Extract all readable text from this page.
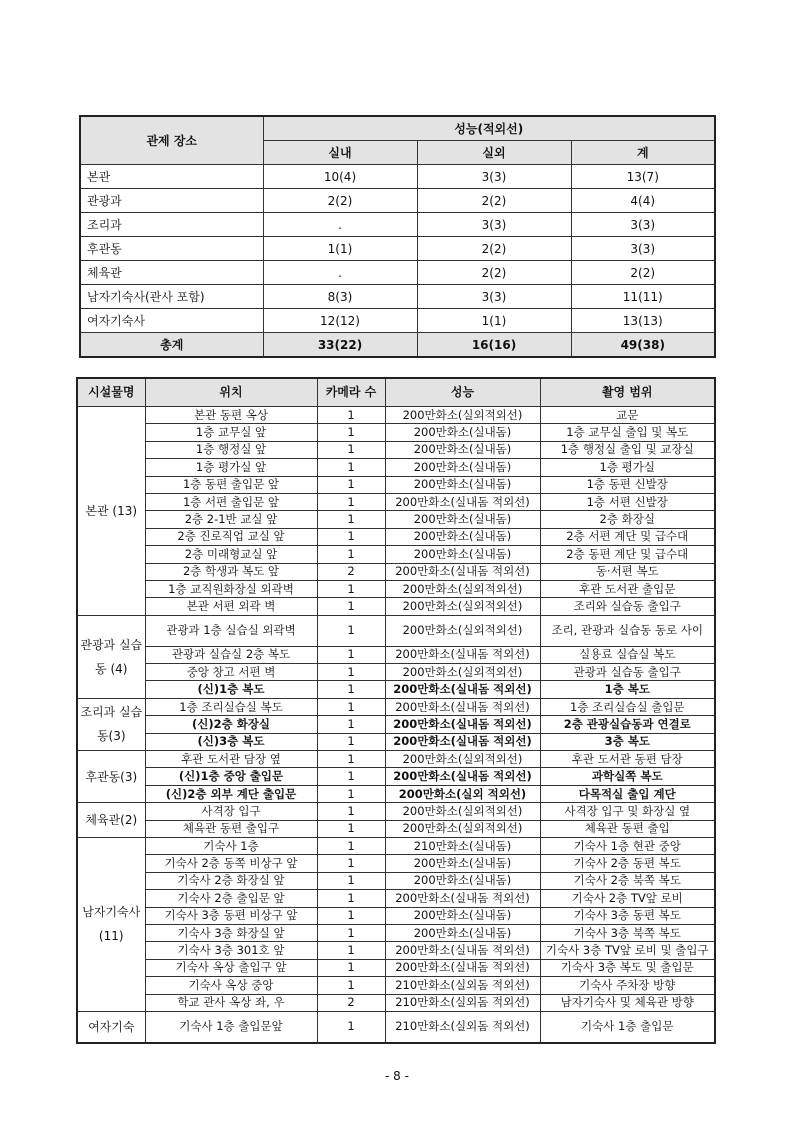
관제 장소	성능(적외선)		
	실내	실외	계
본관	10(4)	3(3)	13(7)
관광과	2(2)	2(2)	4(4)
조리과	.	3(3)	3(3)
후관동	1(1)	2(2)	3(3)
체육관	.	2(2)	2(2)
남자기숙사(관사 포함)	8(3)	3(3)	11(11)
여자기숙사	12(12)	1(1)	13(13)
총계	33(22)	16(16)	49(38)
시설물명	위치	카메라 수	성능	촬영 범위
본관 (13)	본관 동편 옥상	1	200만화소(실외적외선)	교문
	1층 교무실 앞	1	200만화소(실내돔)	1층 교무실 출입 및 복도
	1층 행정실 앞	1	200만화소(실내돔)	1층 행정실 출입 및 교장실
	1층 평가실 앞	1	200만화소(실내돔)	1층 평가실
	1층 동편 출입문 앞	1	200만화소(실내돔)	1층 동편 신발장
	1층 서편 출입문 앞	1	200만화소(실내돔 적외선)	1층 서편 신발장
	2층 2-1반 교실 앞	1	200만화소(실내돔)	2층 화장실
	2층 진로직업 교실 앞	1	200만화소(실내돔)	2층 서편 계단 및 급수대
	2층 미래형교실 앞	1	200만화소(실내돔)	2층 동편 계단 및 급수대
	2층 학생과 복도 앞	2	200만화소(실내돔 적외선)	동·서편 복도
	1층 교직원화장실 외곽벽	1	200만화소(실외적외선)	후관 도서관 출입문
	본관 서편 외곽 벽	1	200만화소(실외적외선)	조리와 실습동 출입구
관광과 실습동 (4)	관광과 1층 실습실 외곽벽	1	200만화소(실외적외선)	조리, 관광과 실습동 동로 사이
	관광과 실습실 2층 복도	1	200만화소(실내돔 적외선)	실용료 실습실 복도
	중앙 창고 서편 벽	1	200만화소(실외적외선)	관광과 실습동 출입구
	(신)1층 복도	1	200만화소(실내돔 적외선)	1층 복도
조리과 실습동(3)	1층 조리실습실 복도	1	200만화소(실내돔 적외선)	1층 조리실습실 출입문
	(신)2층 화장실	1	200만화소(실내돔 적외선)	2층 관광실습동과 연결로
	(신)3층 복도	1	200만화소(실내돔 적외선)	3층 복도
후관동(3)	후관 도서관 담장 옆	1	200만화소(실외적외선)	후관 도서관 동편 담장
	(신)1층 중앙 출입문	1	200만화소(실내돔 적외선)	과학실쪽 복도
	(신)2층 외부 계단 출입문	1	200만화소(실외 적외선)	다목적실 출입 계단
체육관(2)	사격장 입구	1	200만화소(실외적외선)	사격장 입구 및 화장실 옆
	체육관 동편 출입구	1	200만화소(실외적외선)	체육관 동편 출입
남자기숙사 (11)	기숙사 1층	1	210만화소(실내돔)	기숙사 1층 현관 중앙
	기숙사 2층 동쪽 비상구 앞	1	200만화소(실내돔)	기숙사 2층 동편 복도
	기숙사 2층 화장실 앞	1	200만화소(실내돔)	기숙사 2층 북쪽 복도
	기숙사 2층 출입문 앞	1	200만화소(실내돔 적외선)	기숙사 2층 TV앞 로비
	기숙사 3층 동편 비상구 앞	1	200만화소(실내돔)	기숙사 3층 동편 복도
	기숙사 3층 화장실 앞	1	200만화소(실내돔)	기숙사 3층 북쪽 복도
	기숙사 3층 301호 앞	1	200만화소(실내돔 적외선)	기숙사 3층 TV앞 로비 및 출입구
	기숙사 옥상 출입구 앞	1	200만화소(실내돔 적외선)	기숙사 3층 복도 및 출입문
	기숙사 옥상 중앙	1	210만화소(실외돔 적외선)	기숙사 주차장 방향
	학교 관사 옥상 좌, 우	2	210만화소(실외돔 적외선)	남자기숙사 및 체육관 방향
여자기숙	기숙사 1층 출입문앞	1	210만화소(실외돔 적외선)	기숙사 1층 출입문
- 8 -
